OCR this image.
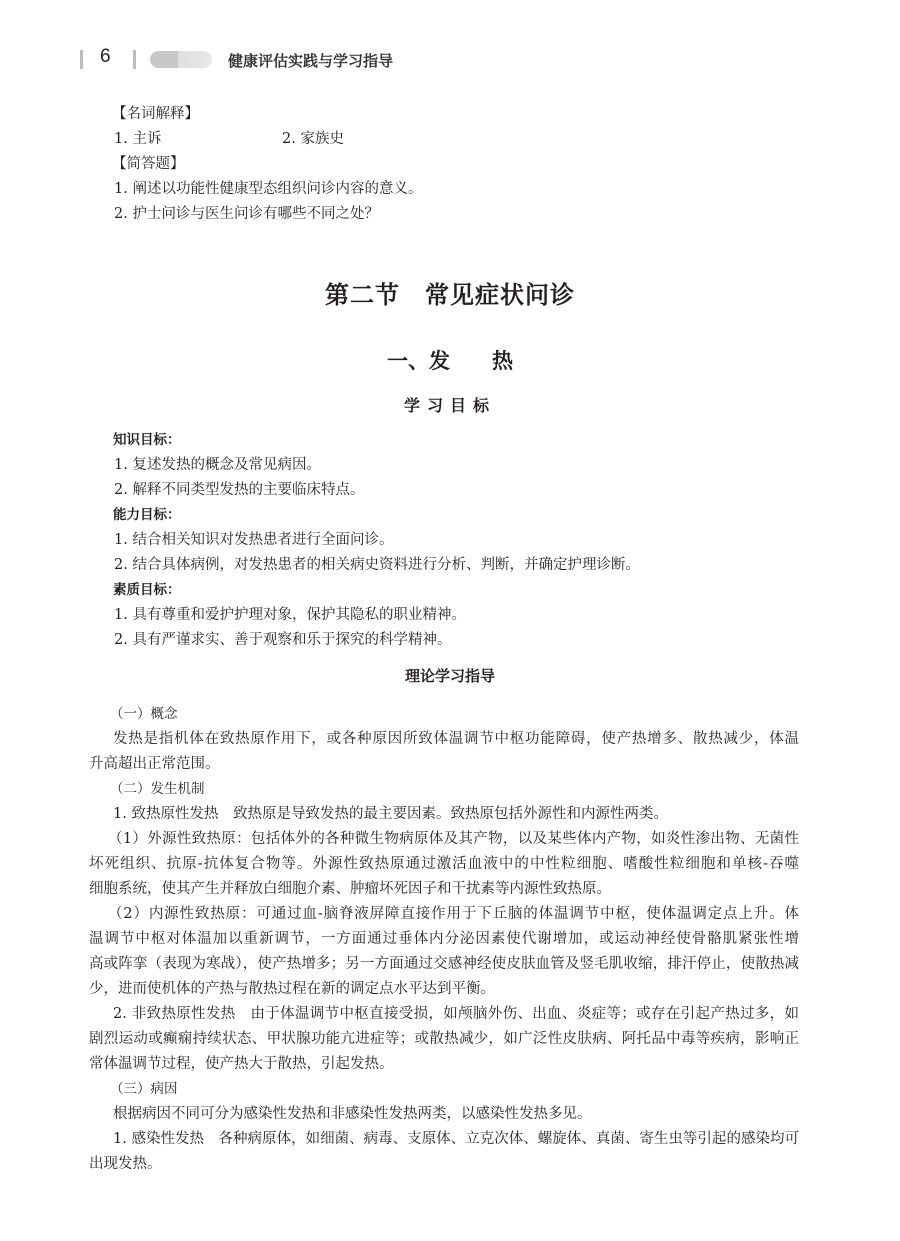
6	健康评估实践与学习指导
【名词解释】
1. 主诉	2. 家族史
【简答题】
1. 阐述以功能性健康型态组织问诊内容的意义。
2. 护士问诊与医生问诊有哪些不同之处？
第二节　常见症状问诊
一、发　　热
学习目标
知识目标：
1. 复述发热的概念及常见病因。
2. 解释不同类型发热的主要临床特点。
能力目标：
1. 结合相关知识对发热患者进行全面问诊。
2. 结合具体病例，对发热患者的相关病史资料进行分析、判断，并确定护理诊断。
素质目标：
1. 具有尊重和爱护护理对象，保护其隐私的职业精神。
2. 具有严谨求实、善于观察和乐于探究的科学精神。
理论学习指导
（一）概念
发热是指机体在致热原作用下，或各种原因所致体温调节中枢功能障碍，使产热增多、散热减少，体温
升高超出正常范围。
（二）发生机制
1. 致热原性发热　致热原是导致发热的最主要因素。致热原包括外源性和内源性两类。
（1）外源性致热原：包括体外的各种微生物病原体及其产物，以及某些体内产物，如炎性渗出物、无菌性
坏死组织、抗原-抗体复合物等。外源性致热原通过激活血液中的中性粒细胞、嗜酸性粒细胞和单核-吞噬
细胞系统，使其产生并释放白细胞介素、肿瘤坏死因子和干扰素等内源性致热原。
（2）内源性致热原：可通过血-脑脊液屏障直接作用于下丘脑的体温调节中枢，使体温调定点上升。体
温调节中枢对体温加以重新调节，一方面通过垂体内分泌因素使代谢增加，或运动神经使骨骼肌紧张性增
高或阵挛（表现为寒战），使产热增多；另一方面通过交感神经使皮肤血管及竖毛肌收缩，排汗停止，使散热减
少，进而使机体的产热与散热过程在新的调定点水平达到平衡。
2. 非致热原性发热　由于体温调节中枢直接受损，如颅脑外伤、出血、炎症等；或存在引起产热过多，如
剧烈运动或癫痫持续状态、甲状腺功能亢进症等；或散热减少，如广泛性皮肤病、阿托品中毒等疾病，影响正
常体温调节过程，使产热大于散热，引起发热。
（三）病因
根据病因不同可分为感染性发热和非感染性发热两类，以感染性发热多见。
1. 感染性发热　各种病原体，如细菌、病毒、支原体、立克次体、螺旋体、真菌、寄生虫等引起的感染均可
出现发热。
